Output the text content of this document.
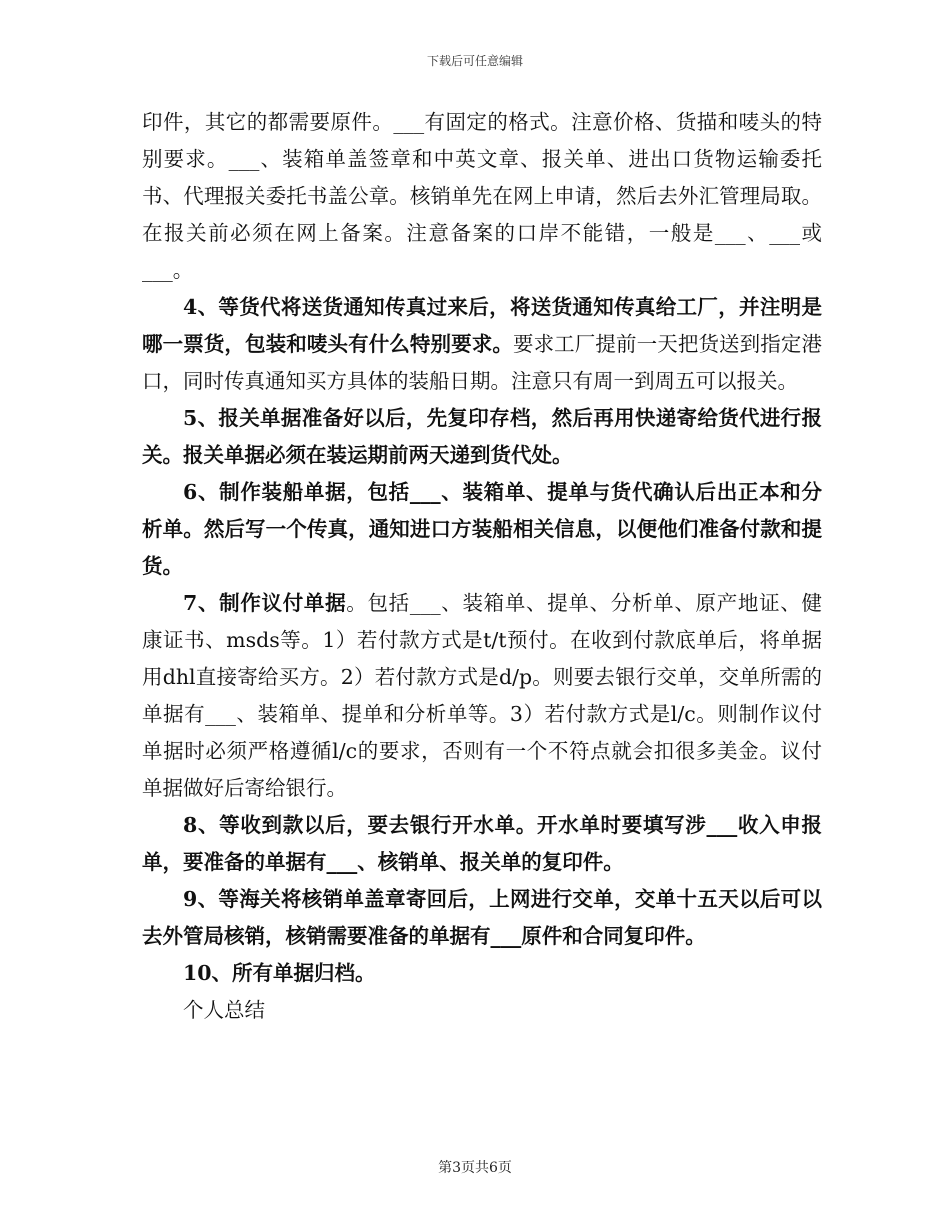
下载后可任意编辑

印件，其它的都需要原件。___有固定的格式。注意价格、货描和唛头的特别要求。___、装箱单盖签章和中英文章、报关单、进出口货物运输委托书、代理报关委托书盖公章。核销单先在网上申请，然后去外汇管理局取。在报关前必须在网上备案。注意备案的口岸不能错，一般是___、___或___。

4、等货代将送货通知传真过来后，将送货通知传真给工厂，并注明是哪一票货，包装和唛头有什么特别要求。要求工厂提前一天把货送到指定港口，同时传真通知买方具体的装船日期。注意只有周一到周五可以报关。

5、报关单据准备好以后，先复印存档，然后再用快递寄给货代进行报关。报关单据必须在装运期前两天递到货代处。

6、制作装船单据，包括___、装箱单、提单与货代确认后出正本和分析单。然后写一个传真，通知进口方装船相关信息，以便他们准备付款和提货。

7、制作议付单据。包括___、装箱单、提单、分析单、原产地证、健康证书、msds等。1）若付款方式是t/t预付。在收到付款底单后，将单据用dhl直接寄给买方。2）若付款方式是d/p。则要去银行交单，交单所需的单据有___、装箱单、提单和分析单等。3）若付款方式是l/c。则制作议付单据时必须严格遵循l/c的要求，否则有一个不符点就会扣很多美金。议付单据做好后寄给银行。

8、等收到款以后，要去银行开水单。开水单时要填写涉___收入申报单，要准备的单据有___、核销单、报关单的复印件。

9、等海关将核销单盖章寄回后，上网进行交单，交单十五天以后可以去外管局核销，核销需要准备的单据有___原件和合同复印件。

10、所有单据归档。

个人总结

第3页共6页
